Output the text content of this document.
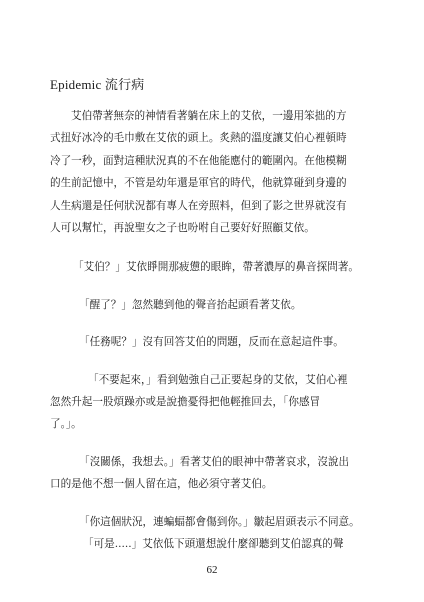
Epidemic 流行病

艾伯帶著無奈的神情看著躺在床上的艾依，一邊用笨拙的方
式扭好冰冷的毛巾敷在艾依的頭上。炙熱的溫度讓艾伯心裡頓時
冷了一秒，面對這種狀況真的不在他能應付的範圍內。在他模糊
的生前記憶中，不管是幼年還是軍官的時代，他就算碰到身邊的
人生病還是任何狀況都有專人在旁照料，但到了影之世界就沒有
人可以幫忙，再說聖女之子也吩咐自己要好好照顧艾依。

「艾伯？」艾依睜開那疲憊的眼眸，帶著濃厚的鼻音探問著。

「醒了？」忽然聽到他的聲音抬起頭看著艾依。

「任務呢？」沒有回答艾伯的問題，反而在意起這件事。

「不要起來，」看到勉強自己正要起身的艾依，艾伯心裡
忽然升起一股煩躁亦或是說擔憂得把他輕推回去，「你感冒
了。」。

「沒關係，我想去。」看著艾伯的眼神中帶著哀求，沒說出
口的是他不想一個人留在這，他必須守著艾伯。

「你這個狀況，連蝙蝠都會傷到你。」皺起眉頭表示不同意。
「可是.....」艾依低下頭還想說什麼卻聽到艾伯認真的聲

62
